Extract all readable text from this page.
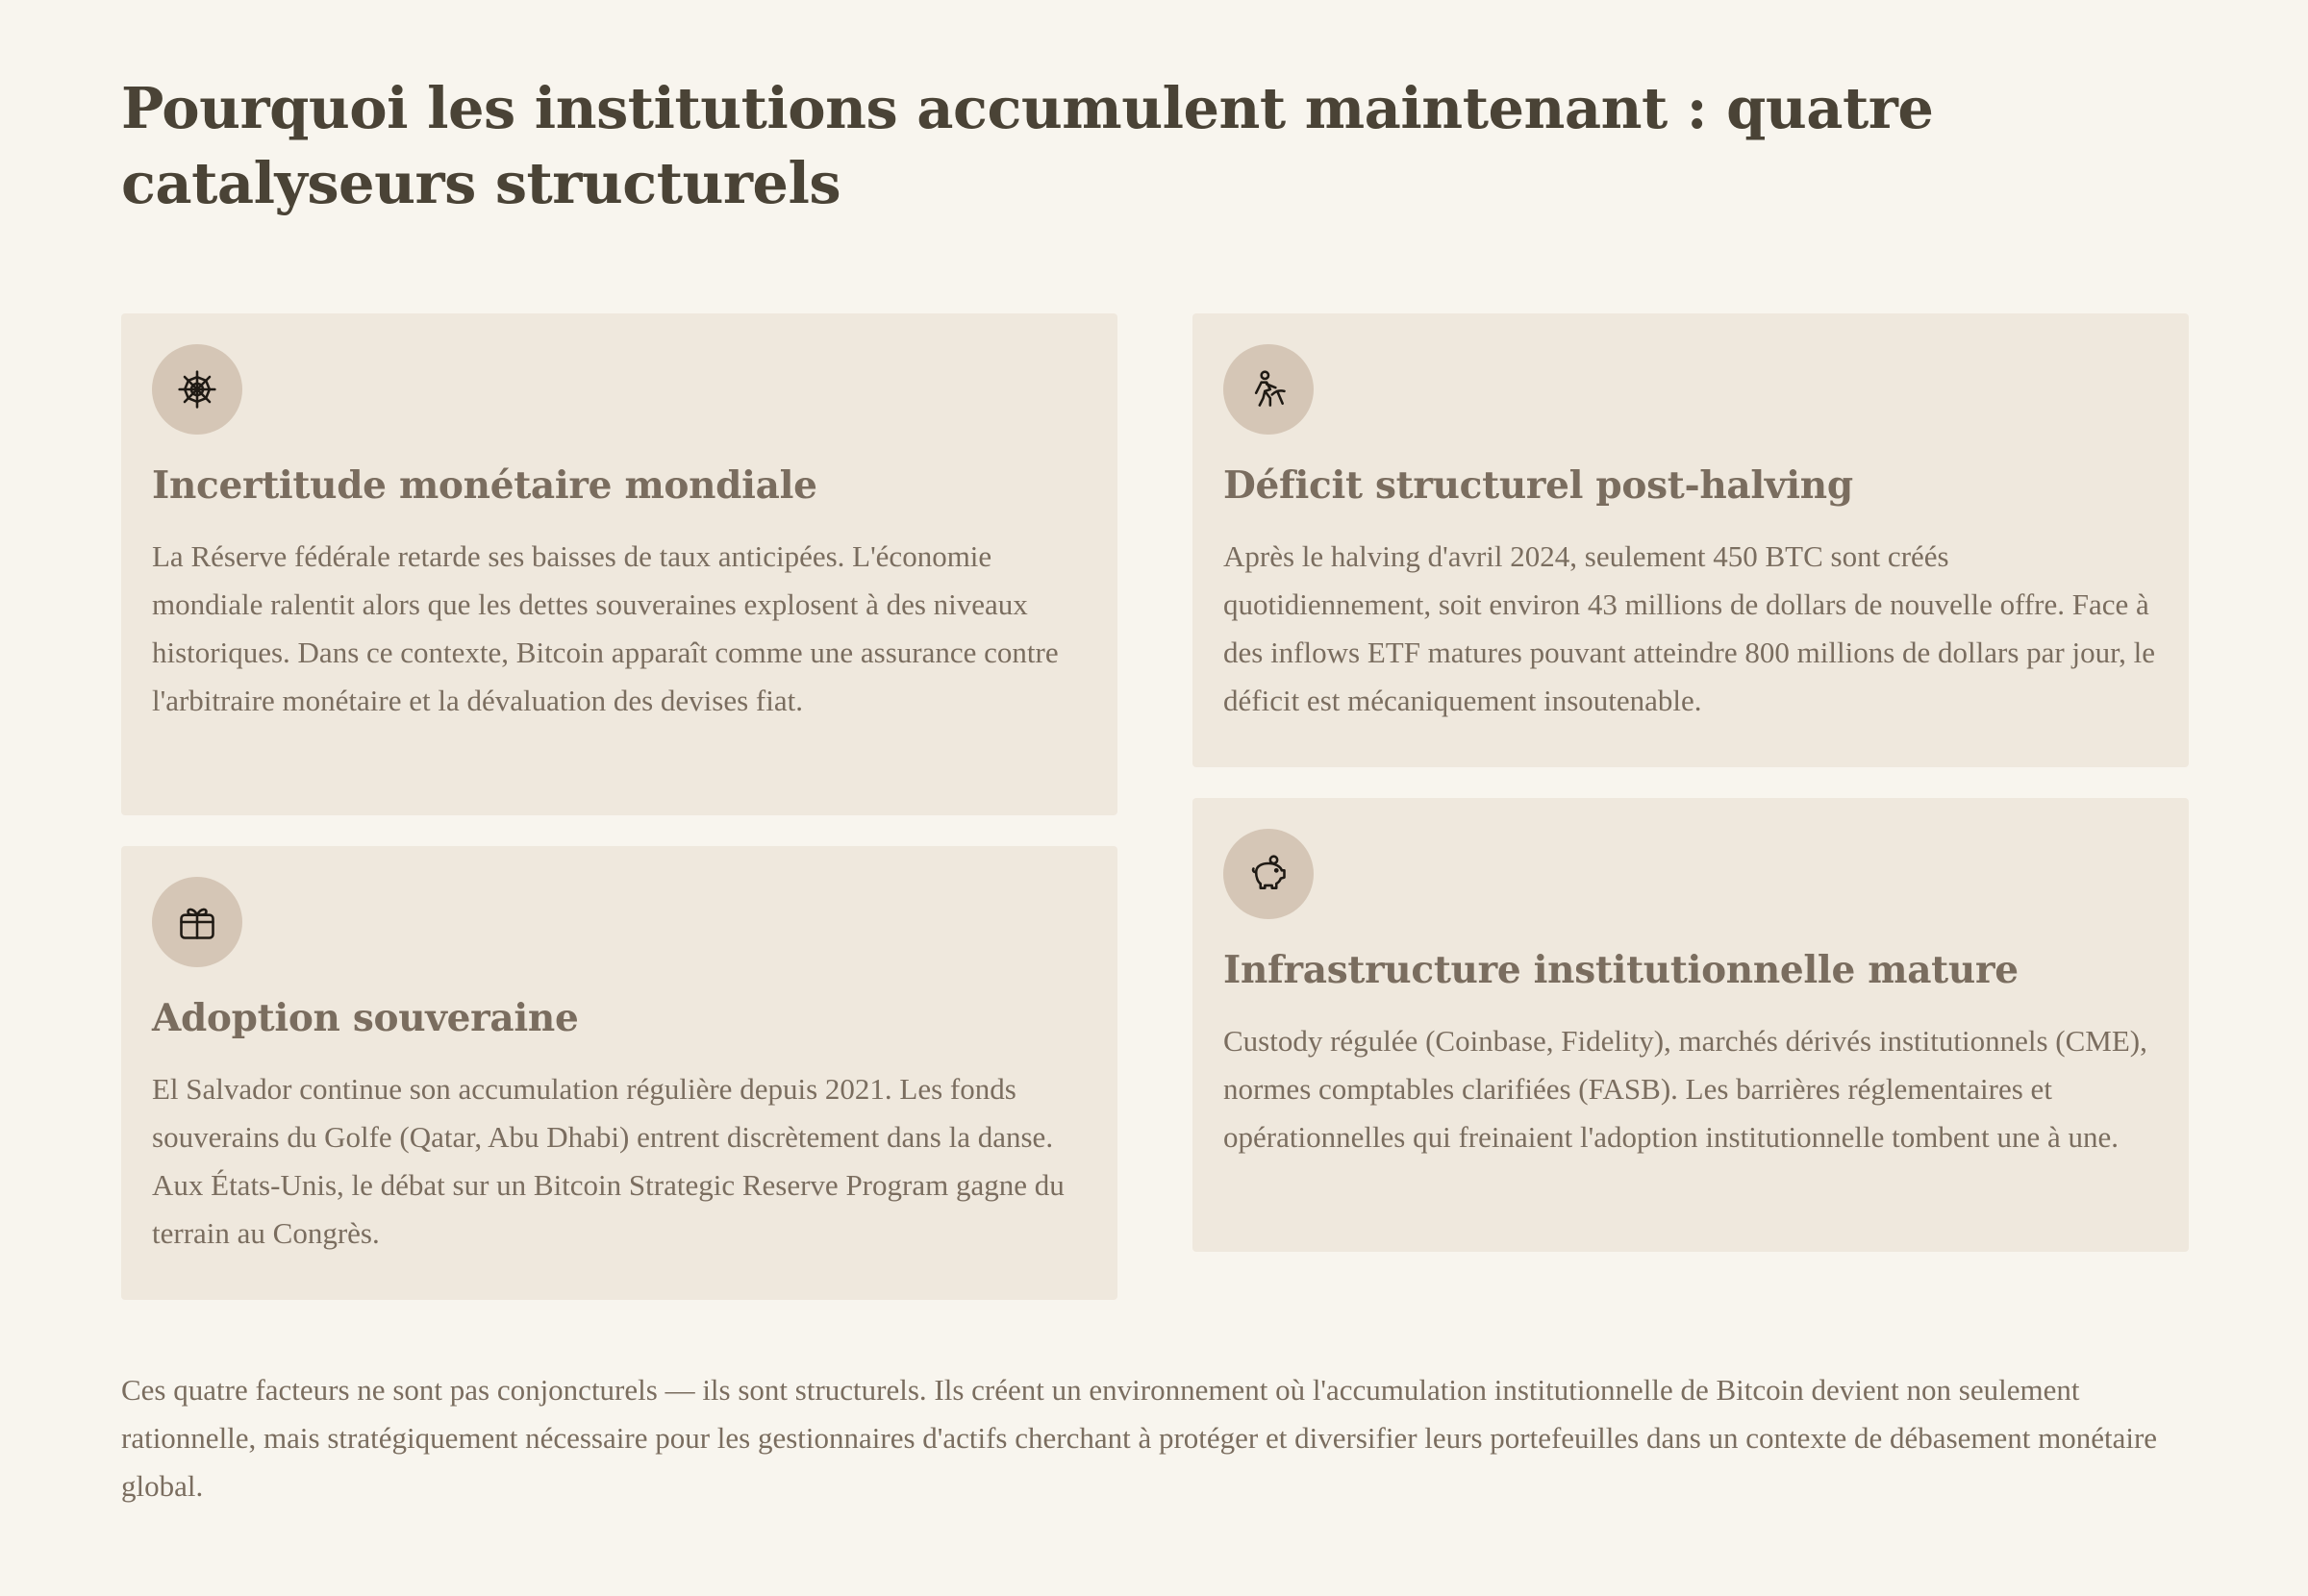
Pourquoi les institutions accumulent maintenant : quatre catalyseurs structurels
Incertitude monétaire mondiale

La Réserve fédérale retarde ses baisses de taux anticipées. L'économie mondiale ralentit alors que les dettes souveraines explosent à des niveaux historiques. Dans ce contexte, Bitcoin apparaît comme une assurance contre l'arbitraire monétaire et la dévaluation des devises fiat.

Déficit structurel post-halving

Après le halving d'avril 2024, seulement 450 BTC sont créés quotidiennement, soit environ 43 millions de dollars de nouvelle offre. Face à des inflows ETF matures pouvant atteindre 800 millions de dollars par jour, le déficit est mécaniquement insoutenable.

Adoption souveraine

El Salvador continue son accumulation régulière depuis 2021. Les fonds souverains du Golfe (Qatar, Abu Dhabi) entrent discrètement dans la danse. Aux États-Unis, le débat sur un Bitcoin Strategic Reserve Program gagne du terrain au Congrès.

Infrastructure institutionnelle mature

Custody régulée (Coinbase, Fidelity), marchés dérivés institutionnels (CME), normes comptables clarifiées (FASB). Les barrières réglementaires et opérationnelles qui freinaient l'adoption institutionnelle tombent une à une.

Ces quatre facteurs ne sont pas conjoncturels — ils sont structurels. Ils créent un environnement où l'accumulation institutionnelle de Bitcoin devient non seulement rationnelle, mais stratégiquement nécessaire pour les gestionnaires d'actifs cherchant à protéger et diversifier leurs portefeuilles dans un contexte de débasement monétaire global.
